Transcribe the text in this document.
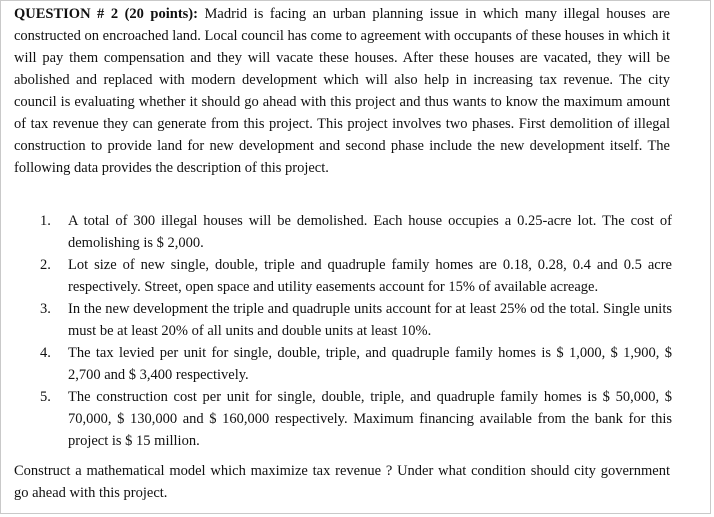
QUESTION # 2 (20 points): Madrid is facing an urban planning issue in which many illegal houses are constructed on encroached land. Local council has come to agreement with occupants of these houses in which it will pay them compensation and they will vacate these houses. After these houses are vacated, they will be abolished and replaced with modern development which will also help in increasing tax revenue. The city council is evaluating whether it should go ahead with this project and thus wants to know the maximum amount of tax revenue they can generate from this project. This project involves two phases. First demolition of illegal construction to provide land for new development and second phase include the new development itself. The following data provides the description of this project.
1. A total of 300 illegal houses will be demolished. Each house occupies a 0.25-acre lot. The cost of demolishing is $ 2,000.
2. Lot size of new single, double, triple and quadruple family homes are 0.18, 0.28, 0.4 and 0.5 acre respectively. Street, open space and utility easements account for 15% of available acreage.
3. In the new development the triple and quadruple units account for at least 25% od the total. Single units must be at least 20% of all units and double units at least 10%.
4. The tax levied per unit for single, double, triple, and quadruple family homes is $ 1,000, $ 1,900, $ 2,700 and $ 3,400 respectively.
5. The construction cost per unit for single, double, triple, and quadruple family homes is $ 50,000, $ 70,000, $ 130,000 and $ 160,000 respectively. Maximum financing available from the bank for this project is $ 15 million.
Construct a mathematical model which maximize tax revenue ? Under what condition should city government go ahead with this project.
